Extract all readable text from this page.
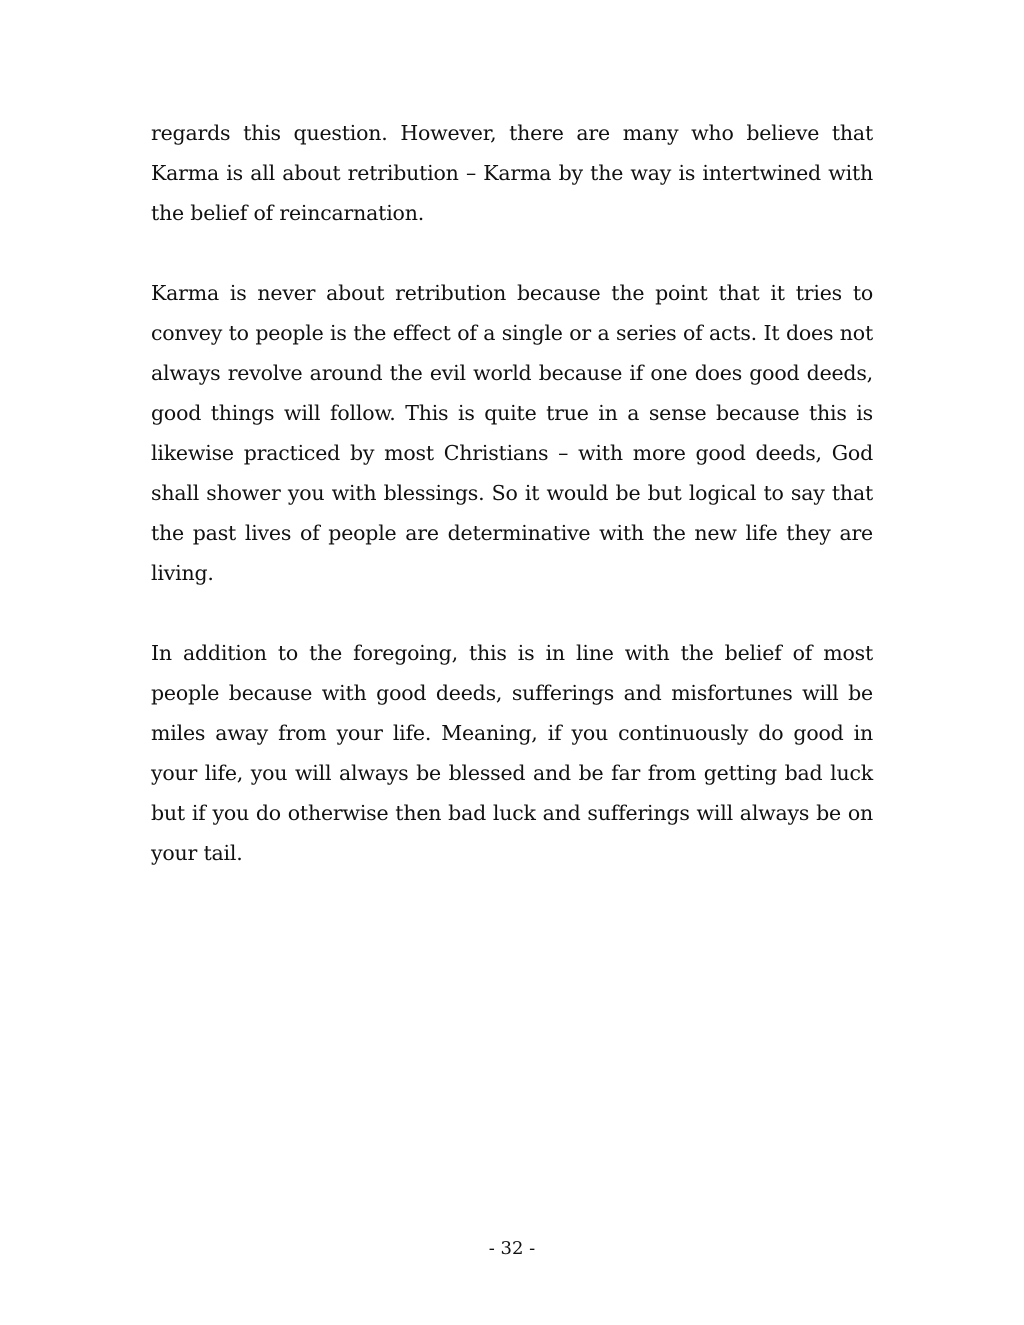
regards this question. However, there are many who believe that Karma is all about retribution – Karma by the way is intertwined with the belief of reincarnation.

Karma is never about retribution because the point that it tries to convey to people is the effect of a single or a series of acts. It does not always revolve around the evil world because if one does good deeds, good things will follow. This is quite true in a sense because this is likewise practiced by most Christians – with more good deeds, God shall shower you with blessings. So it would be but logical to say that the past lives of people are determinative with the new life they are living.

In addition to the foregoing, this is in line with the belief of most people because with good deeds, sufferings and misfortunes will be miles away from your life. Meaning, if you continuously do good in your life, you will always be blessed and be far from getting bad luck but if you do otherwise then bad luck and sufferings will always be on your tail.

- 32 -
